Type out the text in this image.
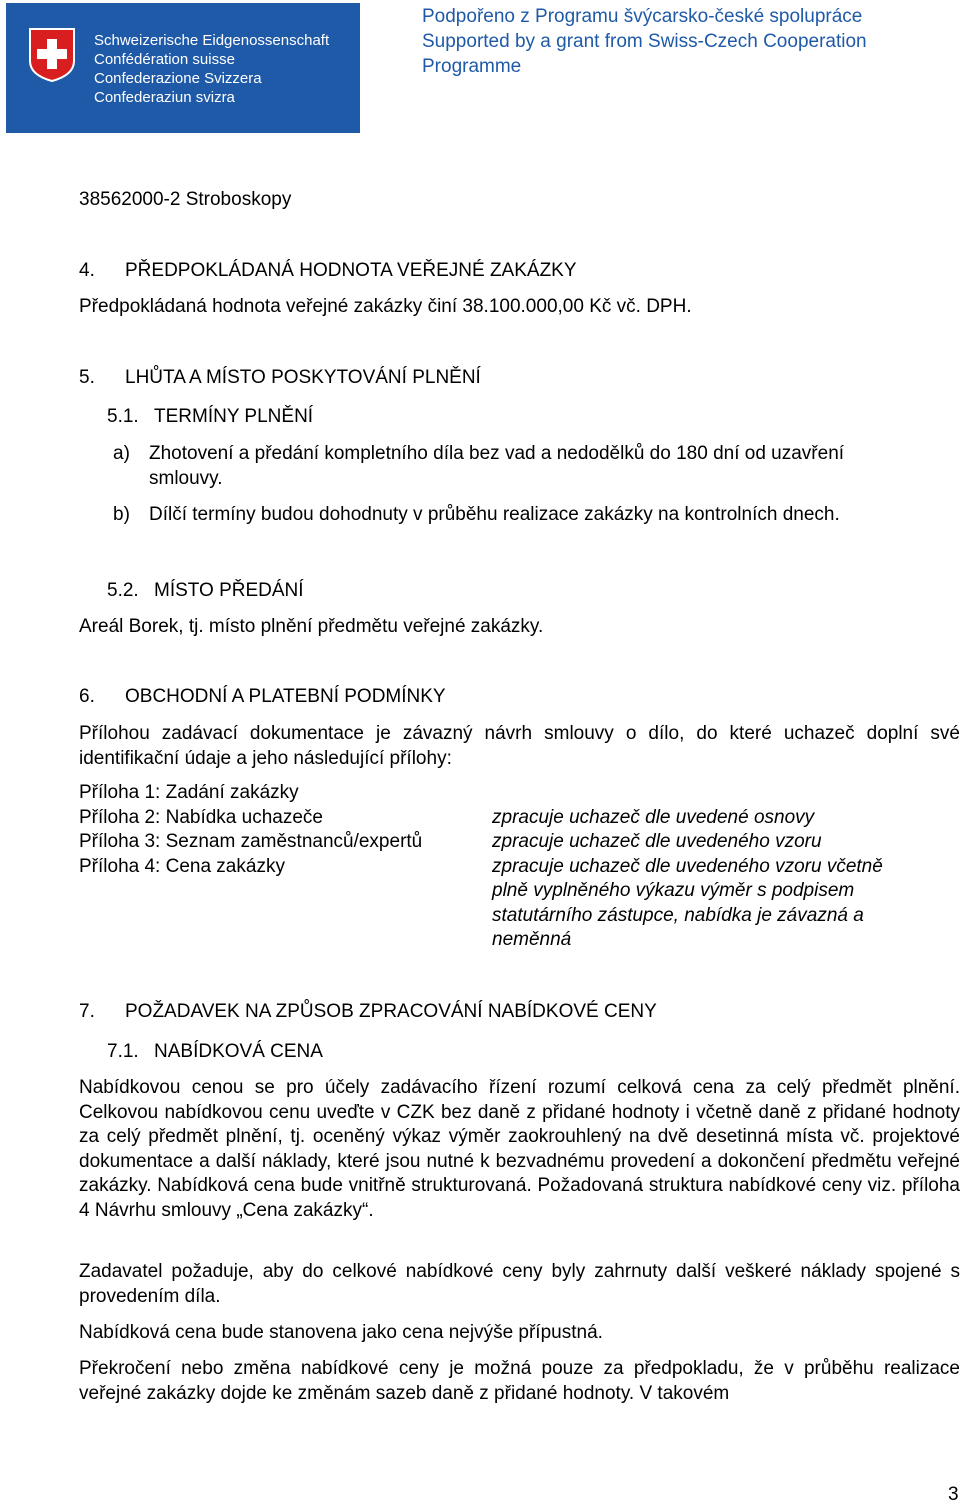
Schweizerische Eidgenossenschaft
Confédération suisse
Confederazione Svizzera
Confederaziun svizra
Podpořeno z Programu švýcarsko-české spolupráce
Supported by a grant from Swiss-Czech Cooperation
Programme
38562000-2 Stroboskopy
4. PŘEDPOKLÁDANÁ HODNOTA VEŘEJNÉ ZAKÁZKY
Předpokládaná hodnota veřejné zakázky činí 38.100.000,00 Kč vč. DPH.
5. LHŮTA A MÍSTO POSKYTOVÁNÍ PLNĚNÍ
5.1. TERMÍNY PLNĚNÍ
a) Zhotovení a předání kompletního díla bez vad a nedodělků do 180 dní od uzavření
smlouvy.
b) Dílčí termíny budou dohodnuty v průběhu realizace zakázky na kontrolních dnech.
5.2. MÍSTO PŘEDÁNÍ
Areál Borek, tj. místo plnění předmětu veřejné zakázky.
6. OBCHODNÍ A PLATEBNÍ PODMÍNKY
Přílohou zadávací dokumentace je závazný návrh smlouvy o dílo, do které uchazeč doplní své identifikační údaje a jeho následující přílohy:
Příloha 1: Zadání zakázky
Příloha 2: Nabídka uchazeče
Příloha 3: Seznam zaměstnanců/expertů
Příloha 4: Cena zakázky
zpracuje uchazeč dle uvedené osnovy
zpracuje uchazeč dle uvedeného vzoru
zpracuje uchazeč dle uvedeného vzoru včetně
plně vyplněného výkazu výměr s podpisem
statutárního zástupce, nabídka je závazná a
neměnná
7. POŽADAVEK NA ZPŮSOB ZPRACOVÁNÍ NABÍDKOVÉ CENY
7.1. NABÍDKOVÁ CENA
Nabídkovou cenou se pro účely zadávacího řízení rozumí celková cena za celý předmět plnění. Celkovou nabídkovou cenu uveďte v CZK bez daně z přidané hodnoty i včetně daně z přidané hodnoty za celý předmět plnění, tj. oceněný výkaz výměr zaokrouhlený na dvě desetinná místa vč. projektové dokumentace a další náklady, které jsou nutné k bezvadnému provedení a dokončení předmětu veřejné zakázky. Nabídková cena bude vnitřně strukturovaná. Požadovaná struktura nabídkové ceny viz. příloha 4 Návrhu smlouvy „Cena zakázky“.
Zadavatel požaduje, aby do celkové nabídkové ceny byly zahrnuty další veškeré náklady spojené s provedením díla.
Nabídková cena bude stanovena jako cena nejvýše přípustná.
Překročení nebo změna nabídkové ceny je možná pouze za předpokladu, že v průběhu realizace veřejné zakázky dojde ke změnám sazeb daně z přidané hodnoty. V takovém
3
